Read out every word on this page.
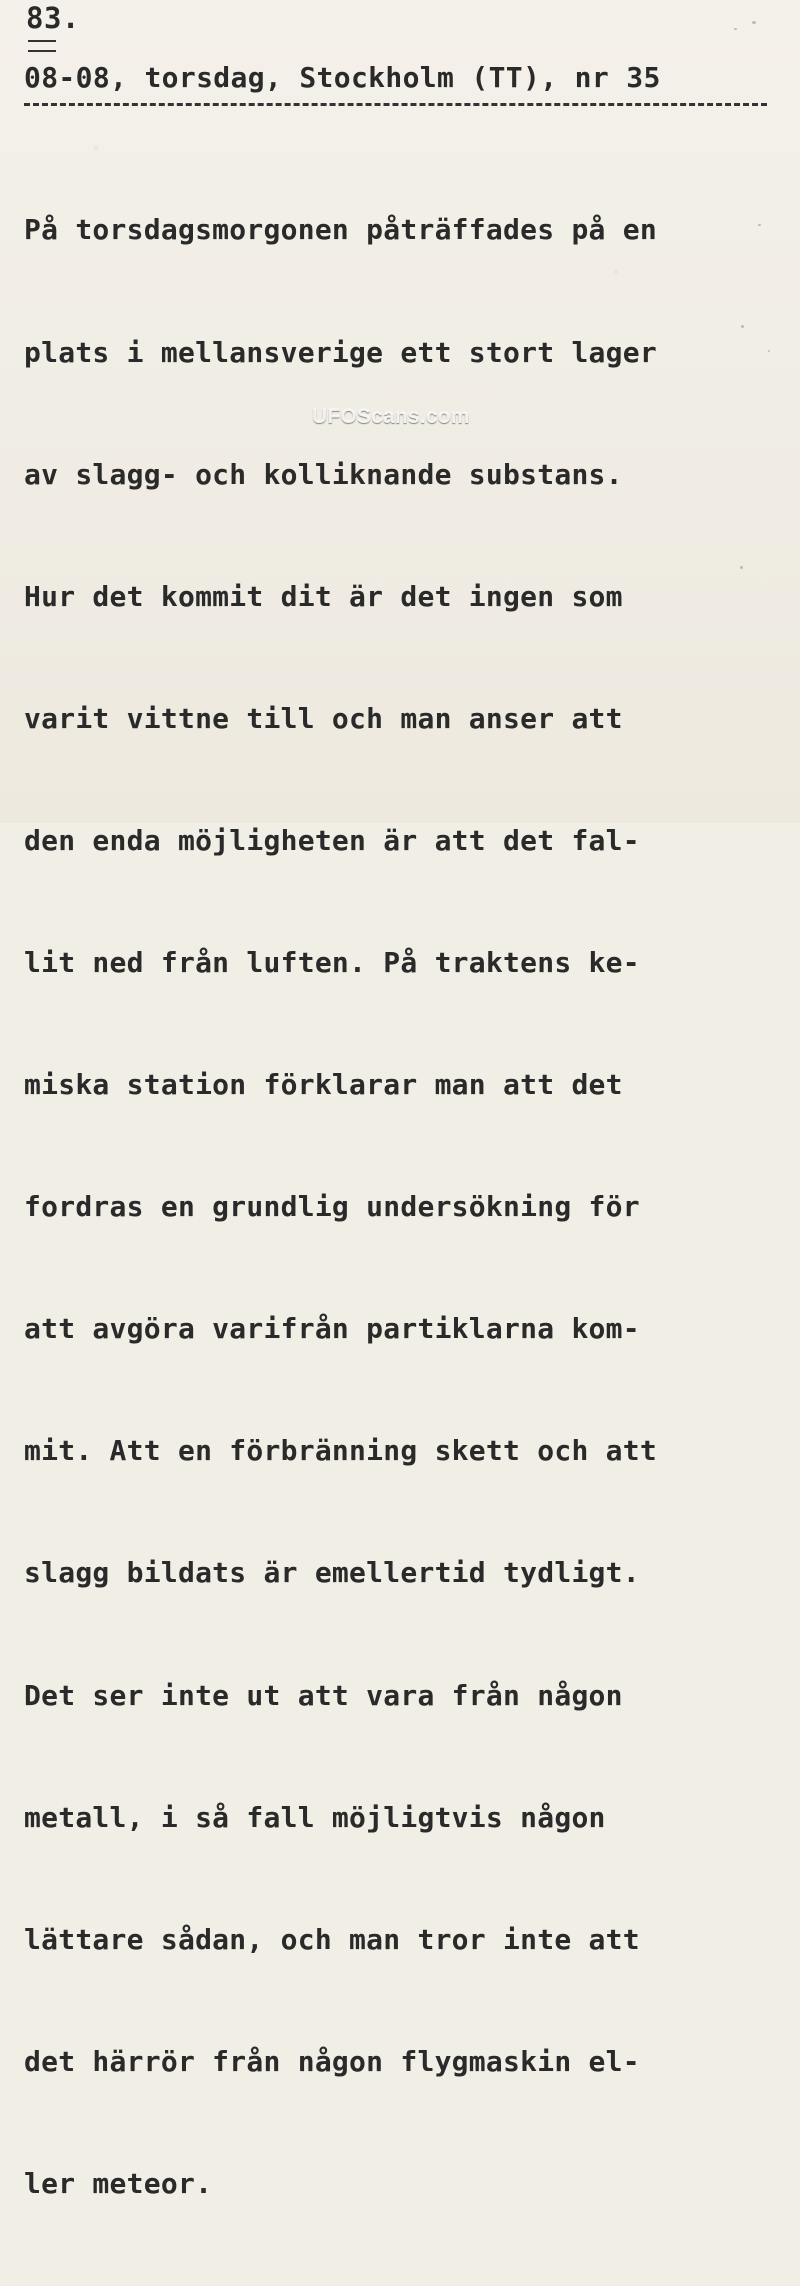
83.
08-08, torsdag, Stockholm (TT), nr 35

På torsdagsmorgonen påträffades på en

plats i mellansverige ett stort lager

av slagg- och kolliknande substans.

Hur det kommit dit är det ingen som

varit vittne till och man anser att

den enda möjligheten är att det fal-

lit ned från luften. På traktens ke-

miska station förklarar man att det

fordras en grundlig undersökning för

att avgöra varifrån partiklarna kom-

mit. Att en förbränning skett och att

slagg bildats är emellertid tydligt.

Det ser inte ut att vara från någon

metall, i så fall möjligtvis någon

lättare sådan, och man tror inte att

det härrör från någon flygmaskin el-

ler meteor.

UFOScans.com
